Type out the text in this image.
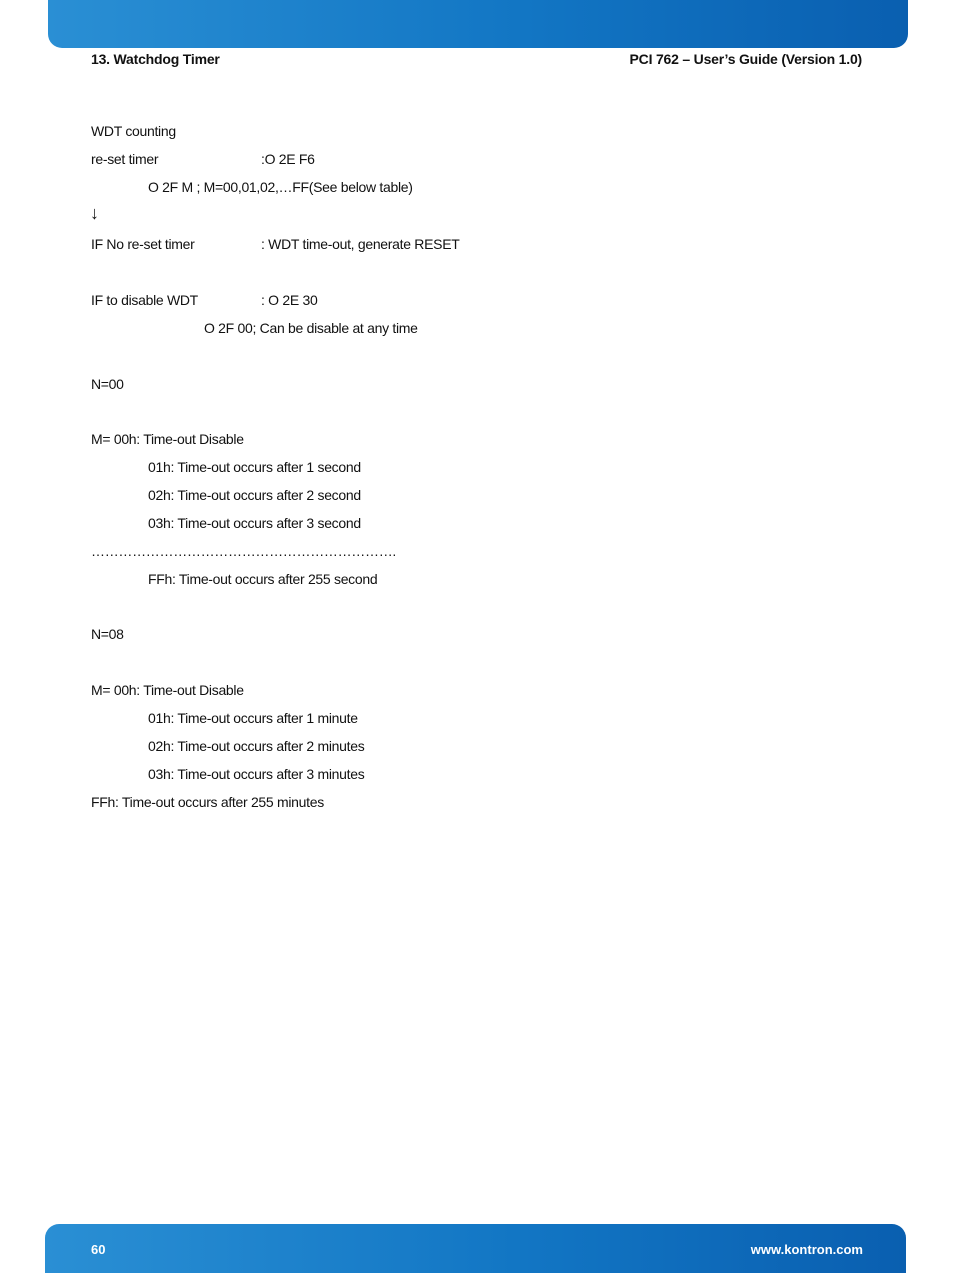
13. Watchdog Timer	PCI 762 – User’s Guide (Version 1.0)
WDT counting
re-set timer	:O 2E F6
O 2F M ; M=00,01,02,…FF(See below table)
↓
IF No re-set timer	: WDT time-out, generate RESET
IF to disable WDT	: O 2E 30
O 2F 00; Can be disable at any time
N=00
M= 00h: Time-out Disable
01h: Time-out occurs after 1 second
02h: Time-out occurs after 2 second
03h: Time-out occurs after 3 second
………………………………………………………….
FFh: Time-out occurs after 255 second
N=08
M= 00h: Time-out Disable
01h: Time-out occurs after 1 minute
02h: Time-out occurs after 2 minutes
03h: Time-out occurs after 3 minutes
FFh: Time-out occurs after 255 minutes
60	www.kontron.com
